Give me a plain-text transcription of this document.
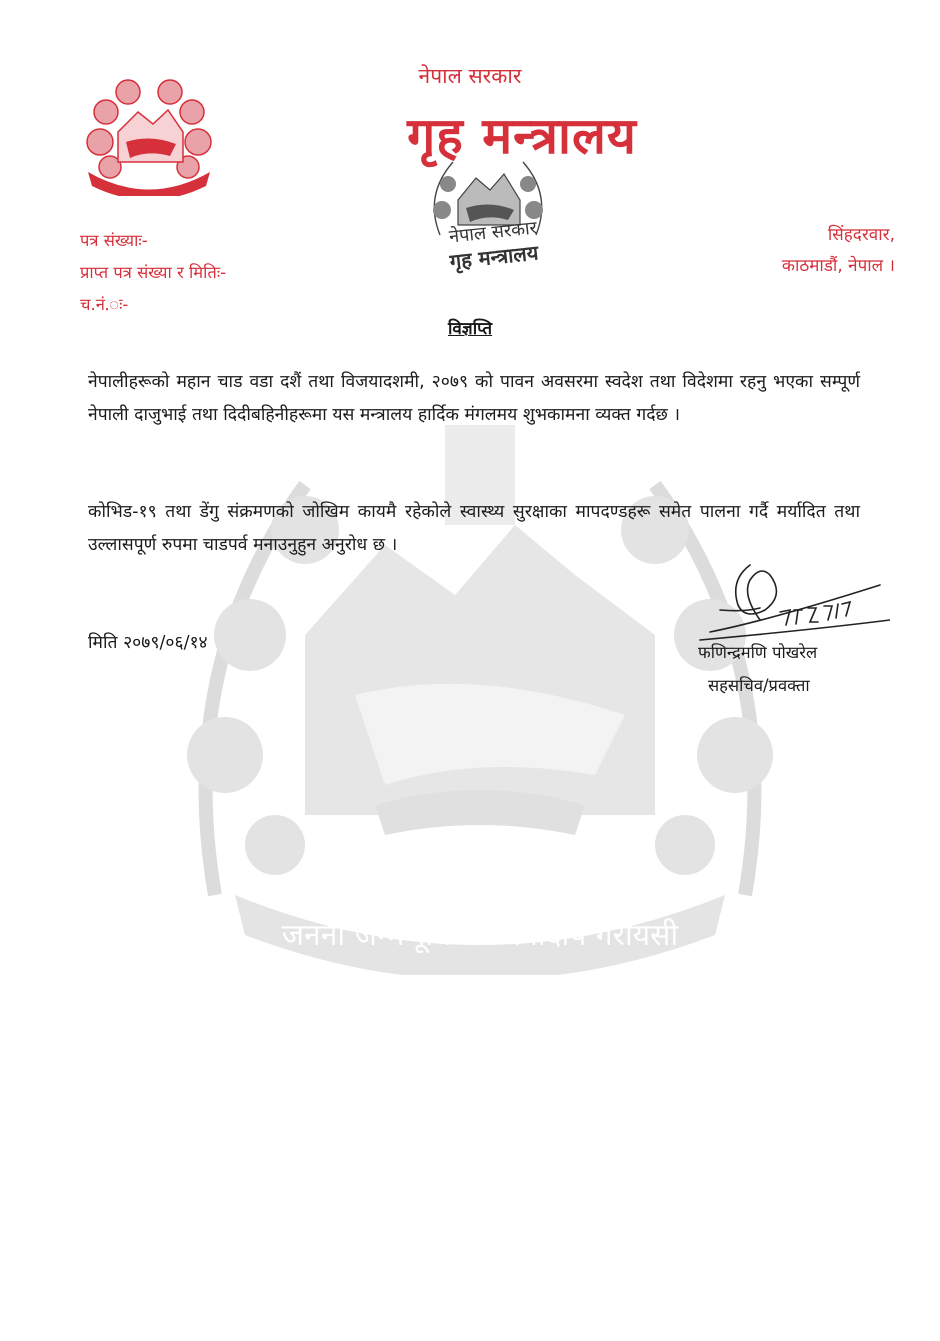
जननी जन्मभूमिश्च स्वर्गादपि गरीयसी
नेपाल सरकार
गृह मन्त्रालय
पत्र संख्याः-
प्राप्त पत्र संख्या र मितिः-
च.नं.ः-
सिंहदरवार,
काठमाडौं, नेपाल ।
नेपाल सरकार
गृह मन्त्रालय
विज्ञप्ति
नेपालीहरूको महान चाड वडा दशैं तथा विजयादशमी, २०७९ को पावन अवसरमा स्वदेश तथा विदेशमा रहनु भएका सम्पूर्ण नेपाली दाजुभाई तथा दिदीबहिनीहरूमा यस मन्त्रालय हार्दिक मंगलमय शुभकामना व्यक्त गर्दछ ।
कोभिड-१९ तथा डेंगु संक्रमणको जोखिम कायमै रहेकोले स्वास्थ्य सुरक्षाका मापदण्डहरू समेत पालना गर्दै मर्यादित तथा उल्लासपूर्ण रुपमा चाडपर्व मनाउनुहुन अनुरोध छ ।
मिति २०७९/०६/१४	फणिन्द्रमणि पोखरेल
सहसचिव/प्रवक्ता
